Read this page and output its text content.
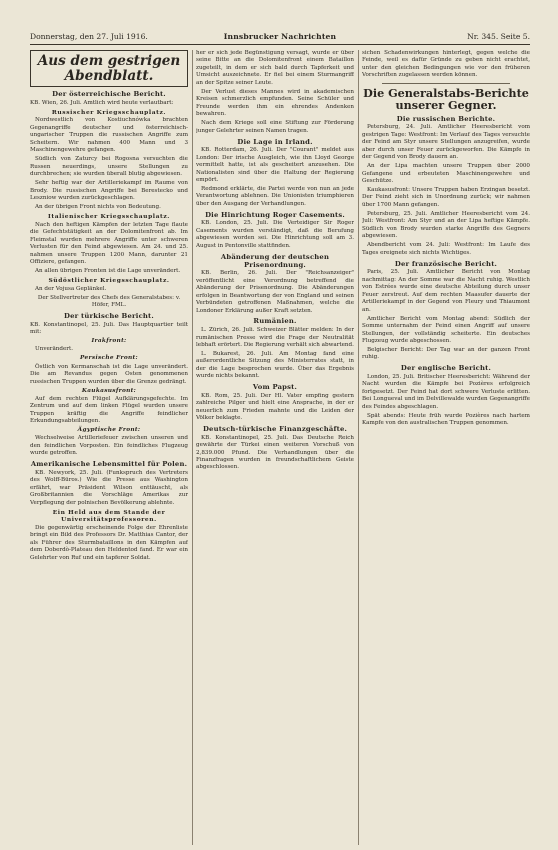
Donnerstag, den 27. Juli 1916.	Innsbrucker Nachrichten	Nr. 345. Seite 5.
Aus dem gestrigen Abendblatt.
Der österreichische Bericht.

KB. Wien, 26. Juli. Amtlich wird heute verlautbart:

Russischer Kriegsschauplatz.

Nordwestlich von Kostiuchnówka brachten Gegenangriffe deutscher und österreichisch-ungarischer Truppen die russischen Angriffe zum Scheitern. Wir nahmen 400 Mann und 3 Maschinengewehre gefangen.

Südlich von Zaturcy bei Rogosna versuchten die Russen neuerdings, unsere Stellungen zu durchbrechen; sie wurden überall blutig abgewiesen.

Sehr heftig war der Artilleriekampf im Raume von Brody. Die russischen Angriffe bei Berestecko und Leszniow wurden zurückgeschlagen.

An der übrigen Front nichts von Bedeutung.

Italienischer Kriegsschauplatz.

Nach den heftigen Kämpfen der letzten Tage flaute die Gefechtstätigkeit an der Dolomitenfront ab. Im Fleimstal wurden mehrere Angriffe unter schweren Verlusten für den Feind abgewiesen. Am 24. und 25. nahmen unsere Truppen 1200 Mann, darunter 21 Offiziere, gefangen.

An allen übrigen Fronten ist die Lage unverändert.

Südöstlicher Kriegsschauplatz.

An der Vojusa Geplänkel.

Der Stellvertreter des Chefs des Generalstabes: v. Höfer, FML.

Der türkische Bericht.

KB. Konstantinopel, 25. Juli. Das Hauptquartier teilt mit:

Irakfront:

Unverändert.

Persische Front:

Östlich von Kermanschah ist die Lage unverändert. Die am Revandus gegen Osten genommenen russischen Truppen wurden über die Grenze gedrängt.

Kaukasusfront:

Auf dem rechten Flügel Aufklärungsgefechte. Im Zentrum und auf dem linken Flügel wurden unsere Truppen kräftig die Angriffe feindlicher Erkundungsabteilungen.

Ägyptische Front:

Wechselweise Artilleriefeuer zwischen unseren und den feindlichen Vorposten. Ein feindliches Flugzeug wurde getroffen.

Amerikanische Lebensmittel für Polen.

KB. Newyork, 25. Juli. (Funkspruch des Vertreters des Wolff-Büros.) Wie die Presse aus Washington erfährt, war Präsident Wilson enttäuscht, als Großbritannien die Vorschläge Amerikas zur Verpflegung der polnischen Bevölkerung ablehnte.

Ein Held aus dem Stande der Universitätsprofessoren.

Die gegenwärtig erscheinende Folge der Ehrenliste bringt ein Bild des Professors Dr. Matthias Cantor, der als Führer des Sturmbataillons in den Kämpfen auf dem Doberdò-Plateau den Heldentod fand. Er war ein Gelehrter von Ruf und ein tapferer Soldat.

her er sich jede Begünstigung versagt, wurde er über seine Bitte an die Dolomitenfront einem Bataillon zugeteilt, in dem er sich bald durch Tapferkeit und Umsicht auszeichnete. Er fiel bei einem Sturmangriff an der Spitze seiner Leute.

Der Verlust dieses Mannes wird in akademischen Kreisen schmerzlich empfunden. Seine Schüler und Freunde werden ihm ein ehrendes Andenken bewahren.

Nach dem Kriege soll eine Stiftung zur Förderung junger Gelehrter seinen Namen tragen.

Die Lage in Irland.

KB. Rotterdam, 26. Juli. Der "Courant" meldet aus London: Der irische Ausgleich, wie ihn Lloyd George vermittelt hatte, ist als gescheitert anzusehen. Die Nationalisten sind über die Haltung der Regierung empört.

Redmond erklärte, die Partei werde von nun an jede Verantwortung ablehnen. Die Unionisten triumphieren über den Ausgang der Verhandlungen.

Die Hinrichtung Roger Casements.

KB. London, 25. Juli. Die Verteidiger Sir Roger Casements wurden verständigt, daß die Berufung abgewiesen worden sei. Die Hinrichtung soll am 3. August in Pentonville stattfinden.

Abänderung der deutschen Prisenordnung.

KB. Berlin, 26. Juli. Der "Reichsanzeiger" veröffentlicht eine Verordnung betreffend die Abänderung der Prisenordnung. Die Abänderungen erfolgen in Beantwortung der von England und seinen Verbündeten getroffenen Maßnahmen, welche die Londoner Erklärung außer Kraft setzten.

Rumänien.

L. Zürich, 26. Juli. Schweizer Blätter melden: In der rumänischen Presse wird die Frage der Neutralität lebhaft erörtert. Die Regierung verhält sich abwartend.

L. Bukarest, 26. Juli. Am Montag fand eine außerordentliche Sitzung des Ministerrates statt, in der die Lage besprochen wurde. Über das Ergebnis wurde nichts bekannt.

Vom Papst.

KB. Rom, 25. Juli. Der Hl. Vater empfing gestern zahlreiche Pilger und hielt eine Ansprache, in der er neuerlich zum Frieden mahnte und die Leiden der Völker beklagte.

Deutsch-türkische Finanzgeschäfte.

KB. Konstantinopel, 25. Juli. Das Deutsche Reich gewährte der Türkei einen weiteren Vorschuß von 2,839.000 Pfund. Die Verhandlungen über die Finanzfragen wurden in freundschaftlichem Geiste abgeschlossen.

sichen Schadenwirkungen hinterlegt, gegen welche die Feinde, weil es dafür Gründe zu geben nicht erachtet, unter den gleichen Bedingungen wie vor den früheren Vorschriften zugelassen werden können.

Die Generalstabs-Berichte unserer Gegner.
Die russischen Berichte.

Petersburg, 24. Juli. Amtlicher Heeresbericht vom gestrigen Tage: Westfront: Im Verlauf des Tages versuchte der Feind am Styr unsere Stellungen anzugreifen, wurde aber durch unser Feuer zurückgeworfen. Die Kämpfe in der Gegend von Brody dauern an.

An der Lipa machten unsere Truppen über 2000 Gefangene und erbeuteten Maschinengewehre und Geschütze.

Kaukasusfront: Unsere Truppen haben Erzingan besetzt. Der Feind zieht sich in Unordnung zurück; wir nahmen über 1700 Mann gefangen.

Petersburg, 25. Juli. Amtlicher Heeresbericht vom 24. Juli: Westfront: Am Styr und an der Lipa heftige Kämpfe. Südlich von Brody wurden starke Angriffe des Gegners abgewiesen.

Abendbericht vom 24. Juli: Westfront: Im Laufe des Tages ereignete sich nichts Wichtiges.

Der französische Bericht.

Paris, 25. Juli. Amtlicher Bericht von Montag nachmittag: An der Somme war die Nacht ruhig. Westlich von Estrées wurde eine deutsche Abteilung durch unser Feuer zerstreut. Auf dem rechten Maasufer dauerte der Artilleriekampf in der Gegend von Fleury und Thiaumont an.

Amtlicher Bericht vom Montag abend: Südlich der Somme unternahm der Feind einen Angriff auf unsere Stellungen, der vollständig scheiterte. Ein deutsches Flugzeug wurde abgeschossen.

Belgischer Bericht: Der Tag war an der ganzen Front ruhig.

Der englische Bericht.

London, 25. Juli. Britischer Heeresbericht: Während der Nacht wurden die Kämpfe bei Pozières erfolgreich fortgesetzt. Der Feind hat dort schwere Verluste erlitten. Bei Longueval und im Delvillewalde wurden Gegenangriffe des Feindes abgeschlagen.

Spät abends: Heute früh wurde Pozières nach hartem Kampfe von den australischen Truppen genommen.
